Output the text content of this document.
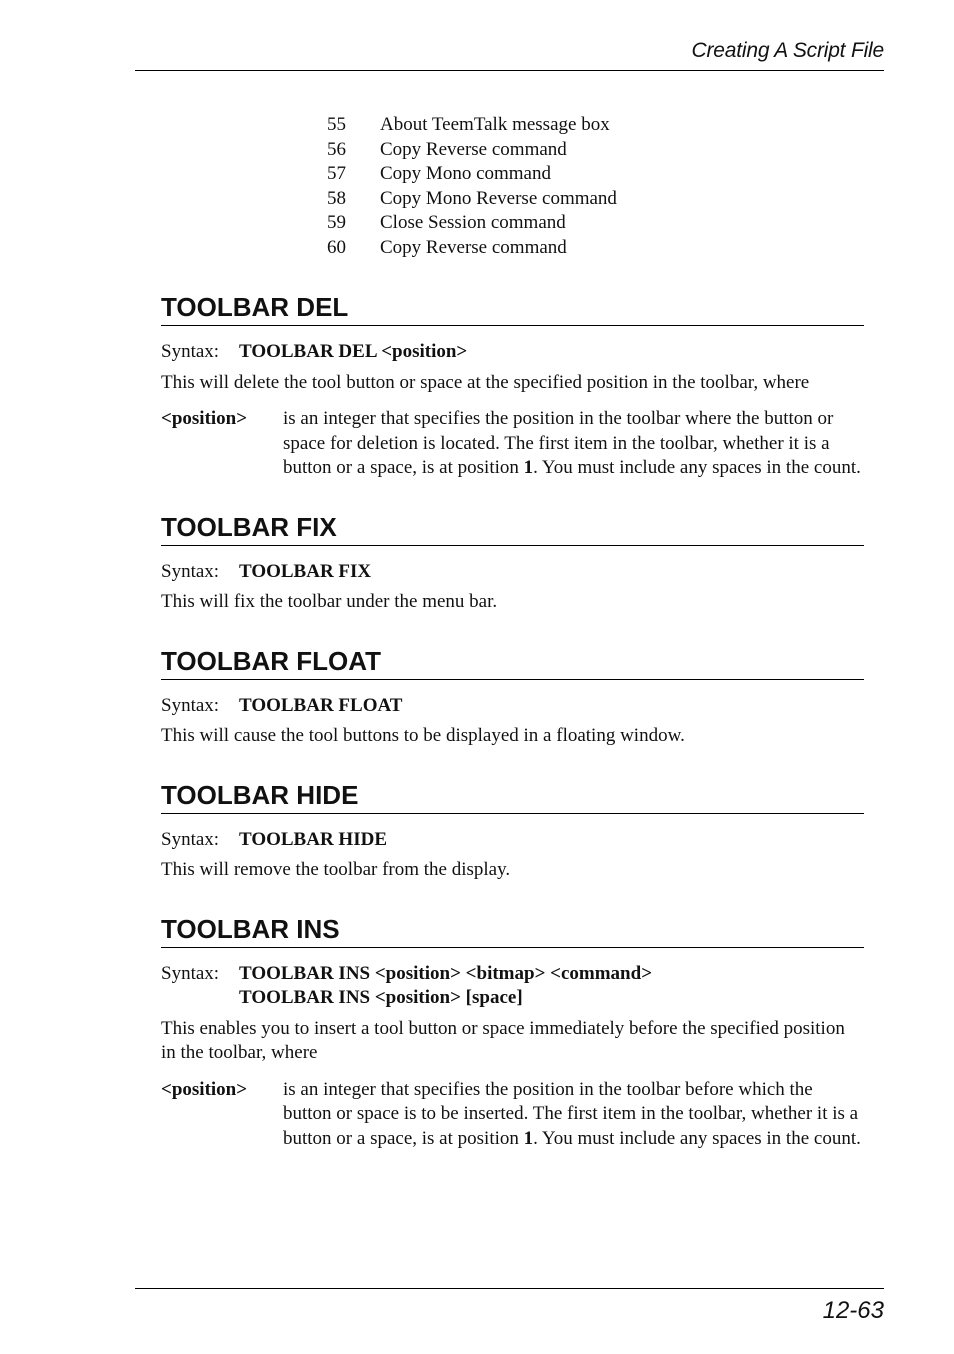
Creating A Script File
55 About TeemTalk message box
56 Copy Reverse command
57 Copy Mono command
58 Copy Mono Reverse command
59 Close Session command
60 Copy Reverse command
TOOLBAR DEL
Syntax:	TOOLBAR DEL <position>
This will delete the tool button or space at the specified position in the toolbar, where
<position>	is an integer that specifies the position in the toolbar where the button or space for deletion is located. The first item in the toolbar, whether it is a button or a space, is at position 1. You must include any spaces in the count.
TOOLBAR FIX
Syntax:	TOOLBAR FIX
This will fix the toolbar under the menu bar.
TOOLBAR FLOAT
Syntax:	TOOLBAR FLOAT
This will cause the tool buttons to be displayed in a floating window.
TOOLBAR HIDE
Syntax:	TOOLBAR HIDE
This will remove the toolbar from the display.
TOOLBAR INS
Syntax:	TOOLBAR INS <position> <bitmap> <command>
TOOLBAR INS <position> [space]
This enables you to insert a tool button or space immediately before the specified position in the toolbar, where
<position>	is an integer that specifies the position in the toolbar before which the button or space is to be inserted. The first item in the toolbar, whether it is a button or a space, is at position 1. You must include any spaces in the count.
12-63
